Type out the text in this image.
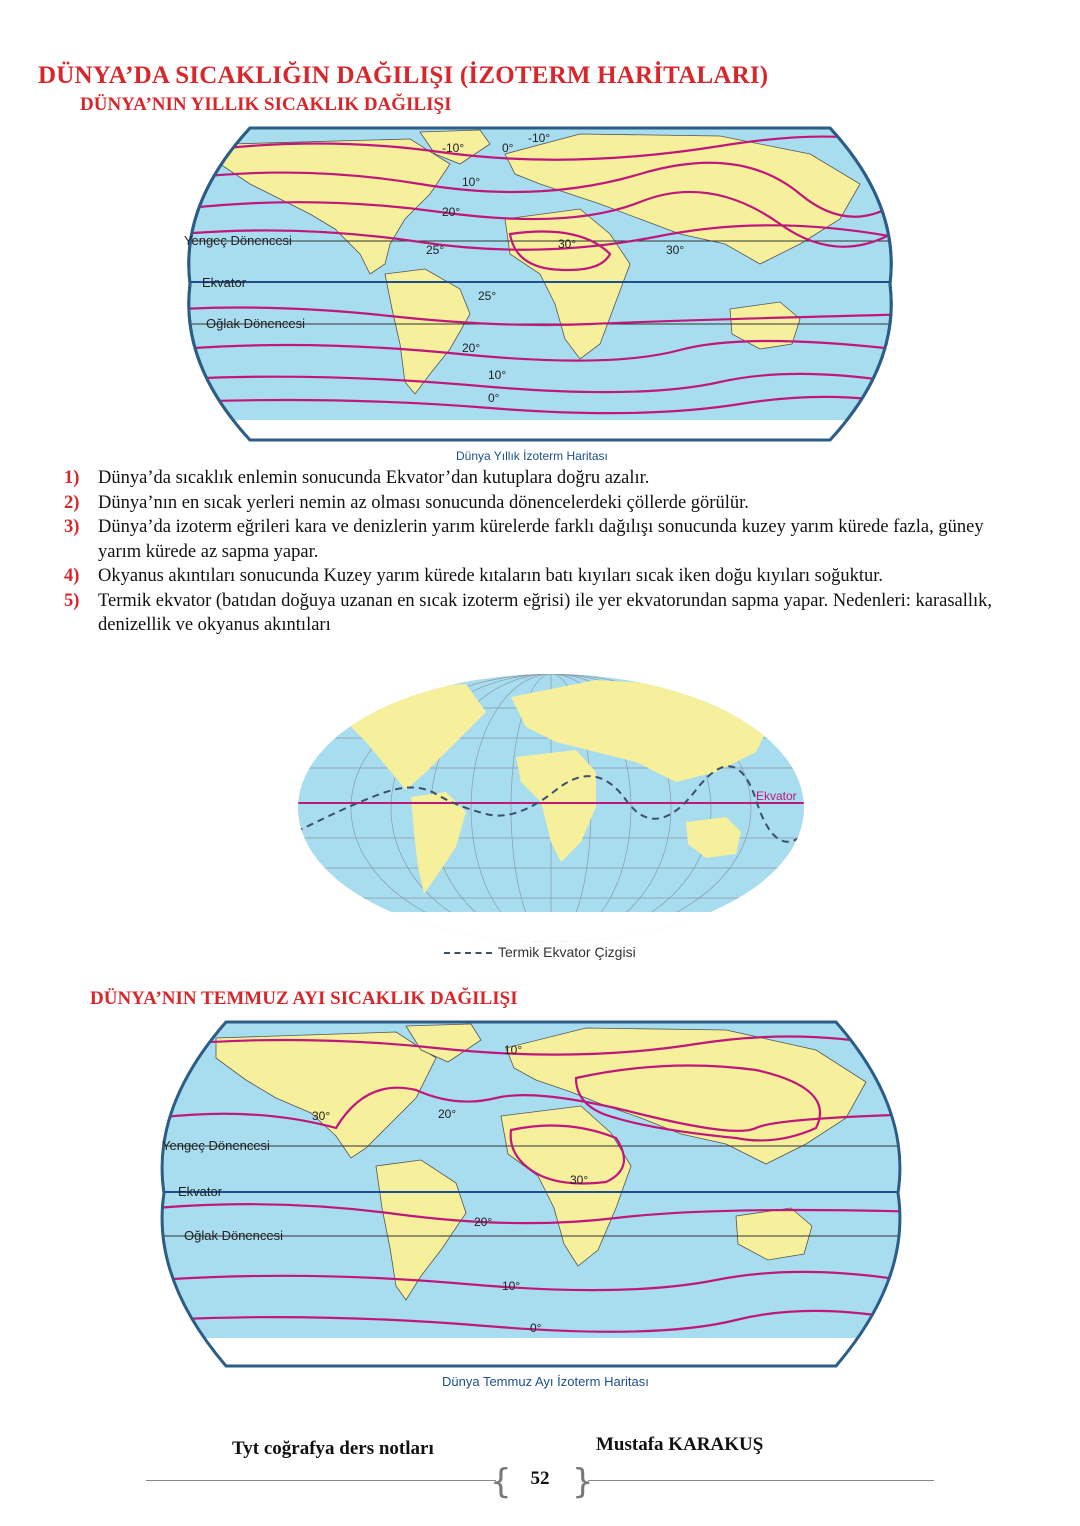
DÜNYA’DA SICAKLIĞIN DAĞILIŞI (İZOTERM HARİTALARI)
DÜNYA’NIN YILLIK SICAKLIK DAĞILIŞI
Yengeç Dönencesi
Ekvator
Oğlak Dönencesi
-10°	0°
-10°
10°
20°
25°	30°	30°
25°
20°
10°
0°
Dünya Yıllık İzoterm Haritası
1)	Dünya’da sıcaklık enlemin sonucunda Ekvator’dan kutuplara doğru azalır.
2)	Dünya’nın en sıcak yerleri nemin az olması sonucunda dönencelerdeki çöllerde görülür.
3)	Dünya’da izoterm eğrileri kara ve denizlerin yarım kürelerde farklı dağılışı sonucunda kuzey yarım kürede fazla, güney yarım kürede az sapma yapar.
4)	Okyanus akıntıları sonucunda Kuzey yarım kürede kıtaların batı kıyıları sıcak iken doğu kıyıları soğuktur.
5)	Termik ekvator (batıdan doğuya uzanan en sıcak izoterm eğrisi) ile yer ekvatorundan sapma yapar. Nedenleri: karasallık, denizellik ve okyanus akıntıları
Ekvator
Termik Ekvator Çizgisi
DÜNYA’NIN TEMMUZ AYI SICAKLIK DAĞILIŞI
Yengeç Dönencesi
Ekvator
Oğlak Dönencesi
10°
30°	20°
30°
20°
10°
0°
Dünya Temmuz Ayı İzoterm Haritası
Tyt coğrafya ders notları	Mustafa KARAKUŞ
{ }
52
